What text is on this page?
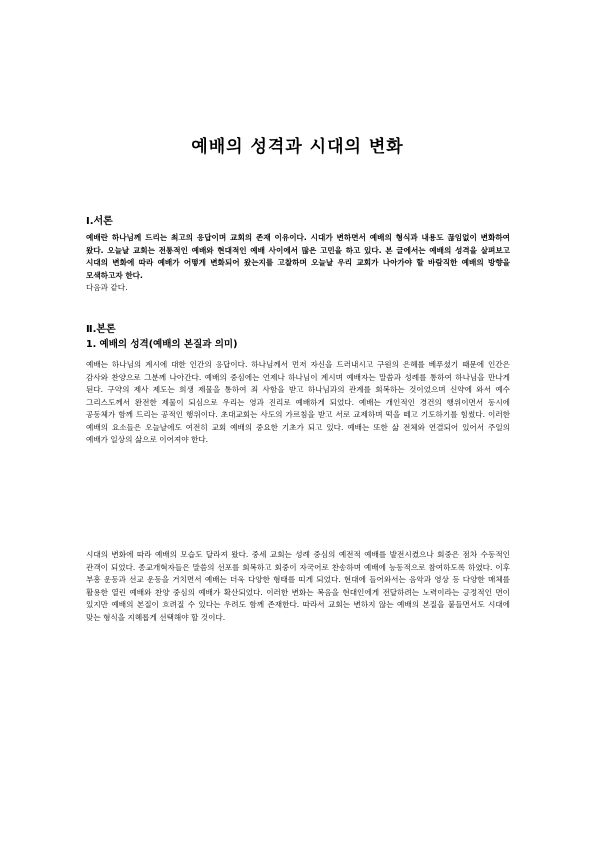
예배의 성격과 시대의 변화
Ⅰ.서론
예배란 하나님께 드리는 최고의 응답이며 교회의 존재 이유이다. 시대가 변하면서 예배의 형식과 내용도 끊임없이 변화하여 왔다. 오늘날 교회는 전통적인 예배와 현대적인 예배 사이에서 많은 고민을 하고 있다. 본 글에서는 예배의 성격을 살펴보고 시대의 변화에 따라 예배가 어떻게 변화되어 왔는지를 고찰하며 오늘날 우리 교회가 나아가야 할 바람직한 예배의 방향을 모색하고자 한다.
다음과 같다.
Ⅱ.본론
1. 예배의 성격(예배의 본질과 의미)
예배는 하나님의 계시에 대한 인간의 응답이다. 하나님께서 먼저 자신을 드러내시고 구원의 은혜를 베푸셨기 때문에 인간은 감사와 찬양으로 그분께 나아간다. 예배의 중심에는 언제나 하나님이 계시며 예배자는 말씀과 성례를 통하여 하나님을 만나게 된다. 구약의 제사 제도는 희생 제물을 통하여 죄 사함을 받고 하나님과의 관계를 회복하는 것이었으며 신약에 와서 예수 그리스도께서 완전한 제물이 되심으로 우리는 영과 진리로 예배하게 되었다. 예배는 개인적인 경건의 행위이면서 동시에 공동체가 함께 드리는 공적인 행위이다. 초대교회는 사도의 가르침을 받고 서로 교제하며 떡을 떼고 기도하기를 힘썼다. 이러한 예배의 요소들은 오늘날에도 여전히 교회 예배의 중요한 기초가 되고 있다. 예배는 또한 삶 전체와 연결되어 있어서 주일의 예배가 일상의 삶으로 이어져야 한다.
시대의 변화에 따라 예배의 모습도 달라져 왔다. 중세 교회는 성례 중심의 예전적 예배를 발전시켰으나 회중은 점차 수동적인 관객이 되었다. 종교개혁자들은 말씀의 선포를 회복하고 회중이 자국어로 찬송하며 예배에 능동적으로 참여하도록 하였다. 이후 부흥 운동과 선교 운동을 거치면서 예배는 더욱 다양한 형태를 띠게 되었다. 현대에 들어와서는 음악과 영상 등 다양한 매체를 활용한 열린 예배와 찬양 중심의 예배가 확산되었다. 이러한 변화는 복음을 현대인에게 전달하려는 노력이라는 긍정적인 면이 있지만 예배의 본질이 흐려질 수 있다는 우려도 함께 존재한다. 따라서 교회는 변하지 않는 예배의 본질을 붙들면서도 시대에 맞는 형식을 지혜롭게 선택해야 할 것이다.
